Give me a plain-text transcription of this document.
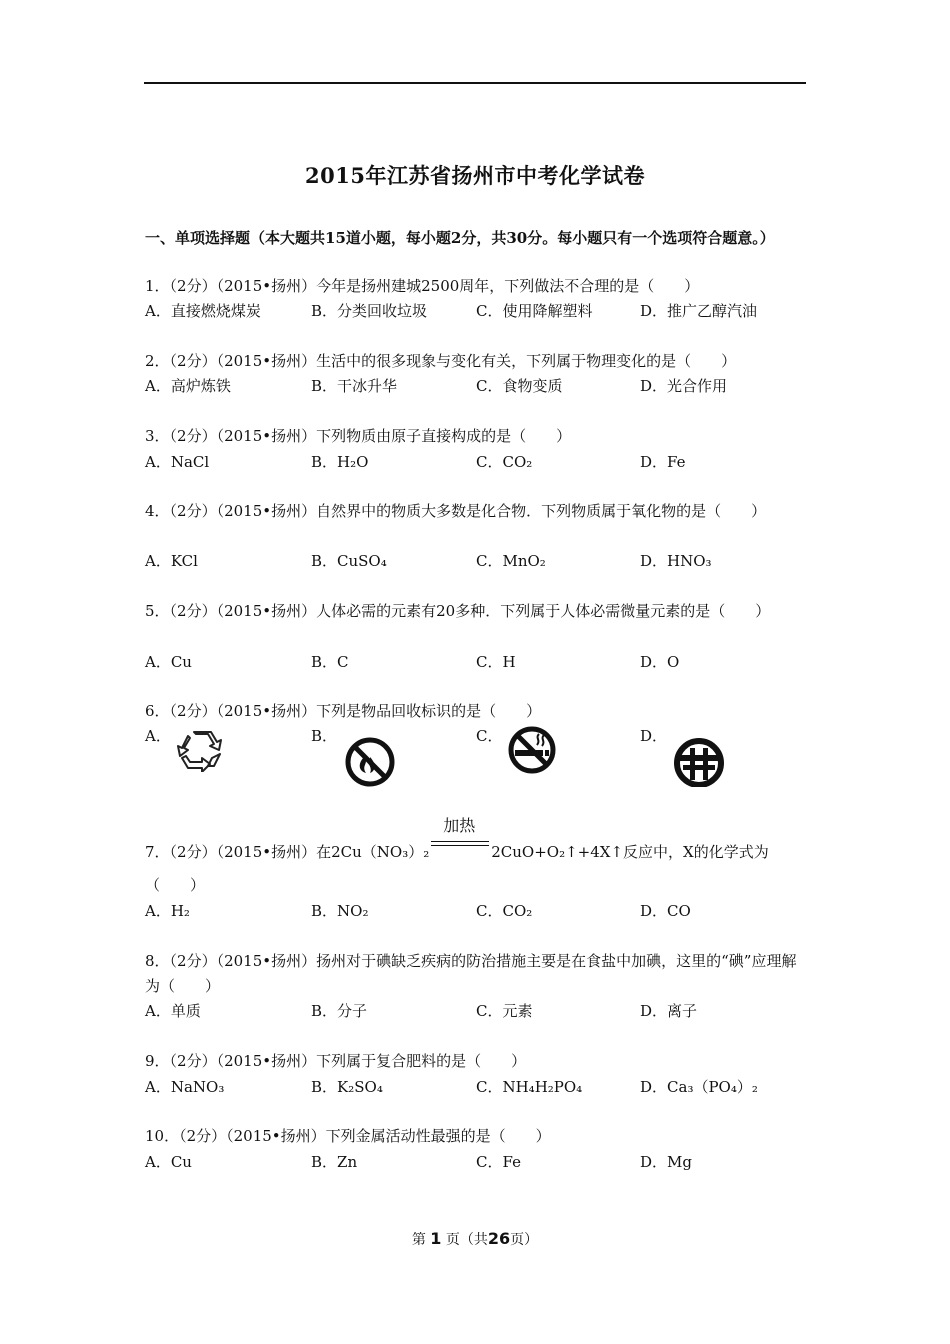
2015年江苏省扬州市中考化学试卷
一、单项选择题（本大题共15道小题，每小题2分，共30分。每小题只有一个选项符合题意。）
1．（2分）（2015•扬州）今年是扬州建城2500周年，下列做法不合理的是（　　）
A．直接燃烧煤炭	B．分类回收垃圾	C．使用降解塑料	D．推广乙醇汽油
2．（2分）（2015•扬州）生活中的很多现象与变化有关，下列属于物理变化的是（　　）
A．高炉炼铁	B．干冰升华	C．食物变质	D．光合作用
3．（2分）（2015•扬州）下列物质由原子直接构成的是（　　）
A．NaCl	B．H₂O	C．CO₂	D．Fe
4．（2分）（2015•扬州）自然界中的物质大多数是化合物．下列物质属于氧化物的是（　　）
A．KCl	B．CuSO₄	C．MnO₂	D．HNO₃
5．（2分）（2015•扬州）人体必需的元素有20多种．下列属于人体必需微量元素的是（　　）
A．Cu	B．C	C．H	D．O
6．（2分）（2015•扬州）下列是物品回收标识的是（　　）
A．	B．	C．	D．
7．（2分）（2015•扬州）在2Cu（NO₃）₂
加热
2CuO+O₂↑+4X↑反应中，X的化学式为
（　　）
A．H₂	B．NO₂	C．CO₂	D．CO
8．（2分）（2015•扬州）扬州对于碘缺乏疾病的防治措施主要是在食盐中加碘，这里的“碘”应理解为（　　）
A．单质	B．分子	C．元素	D．离子
9．（2分）（2015•扬州）下列属于复合肥料的是（　　）
A．NaNO₃	B．K₂SO₄	C．NH₄H₂PO₄	D．Ca₃（PO₄）₂
10．（2分）（2015•扬州）下列金属活动性最强的是（　　）
A．Cu	B．Zn	C．Fe	D．Mg
第 1 页（共26页）
